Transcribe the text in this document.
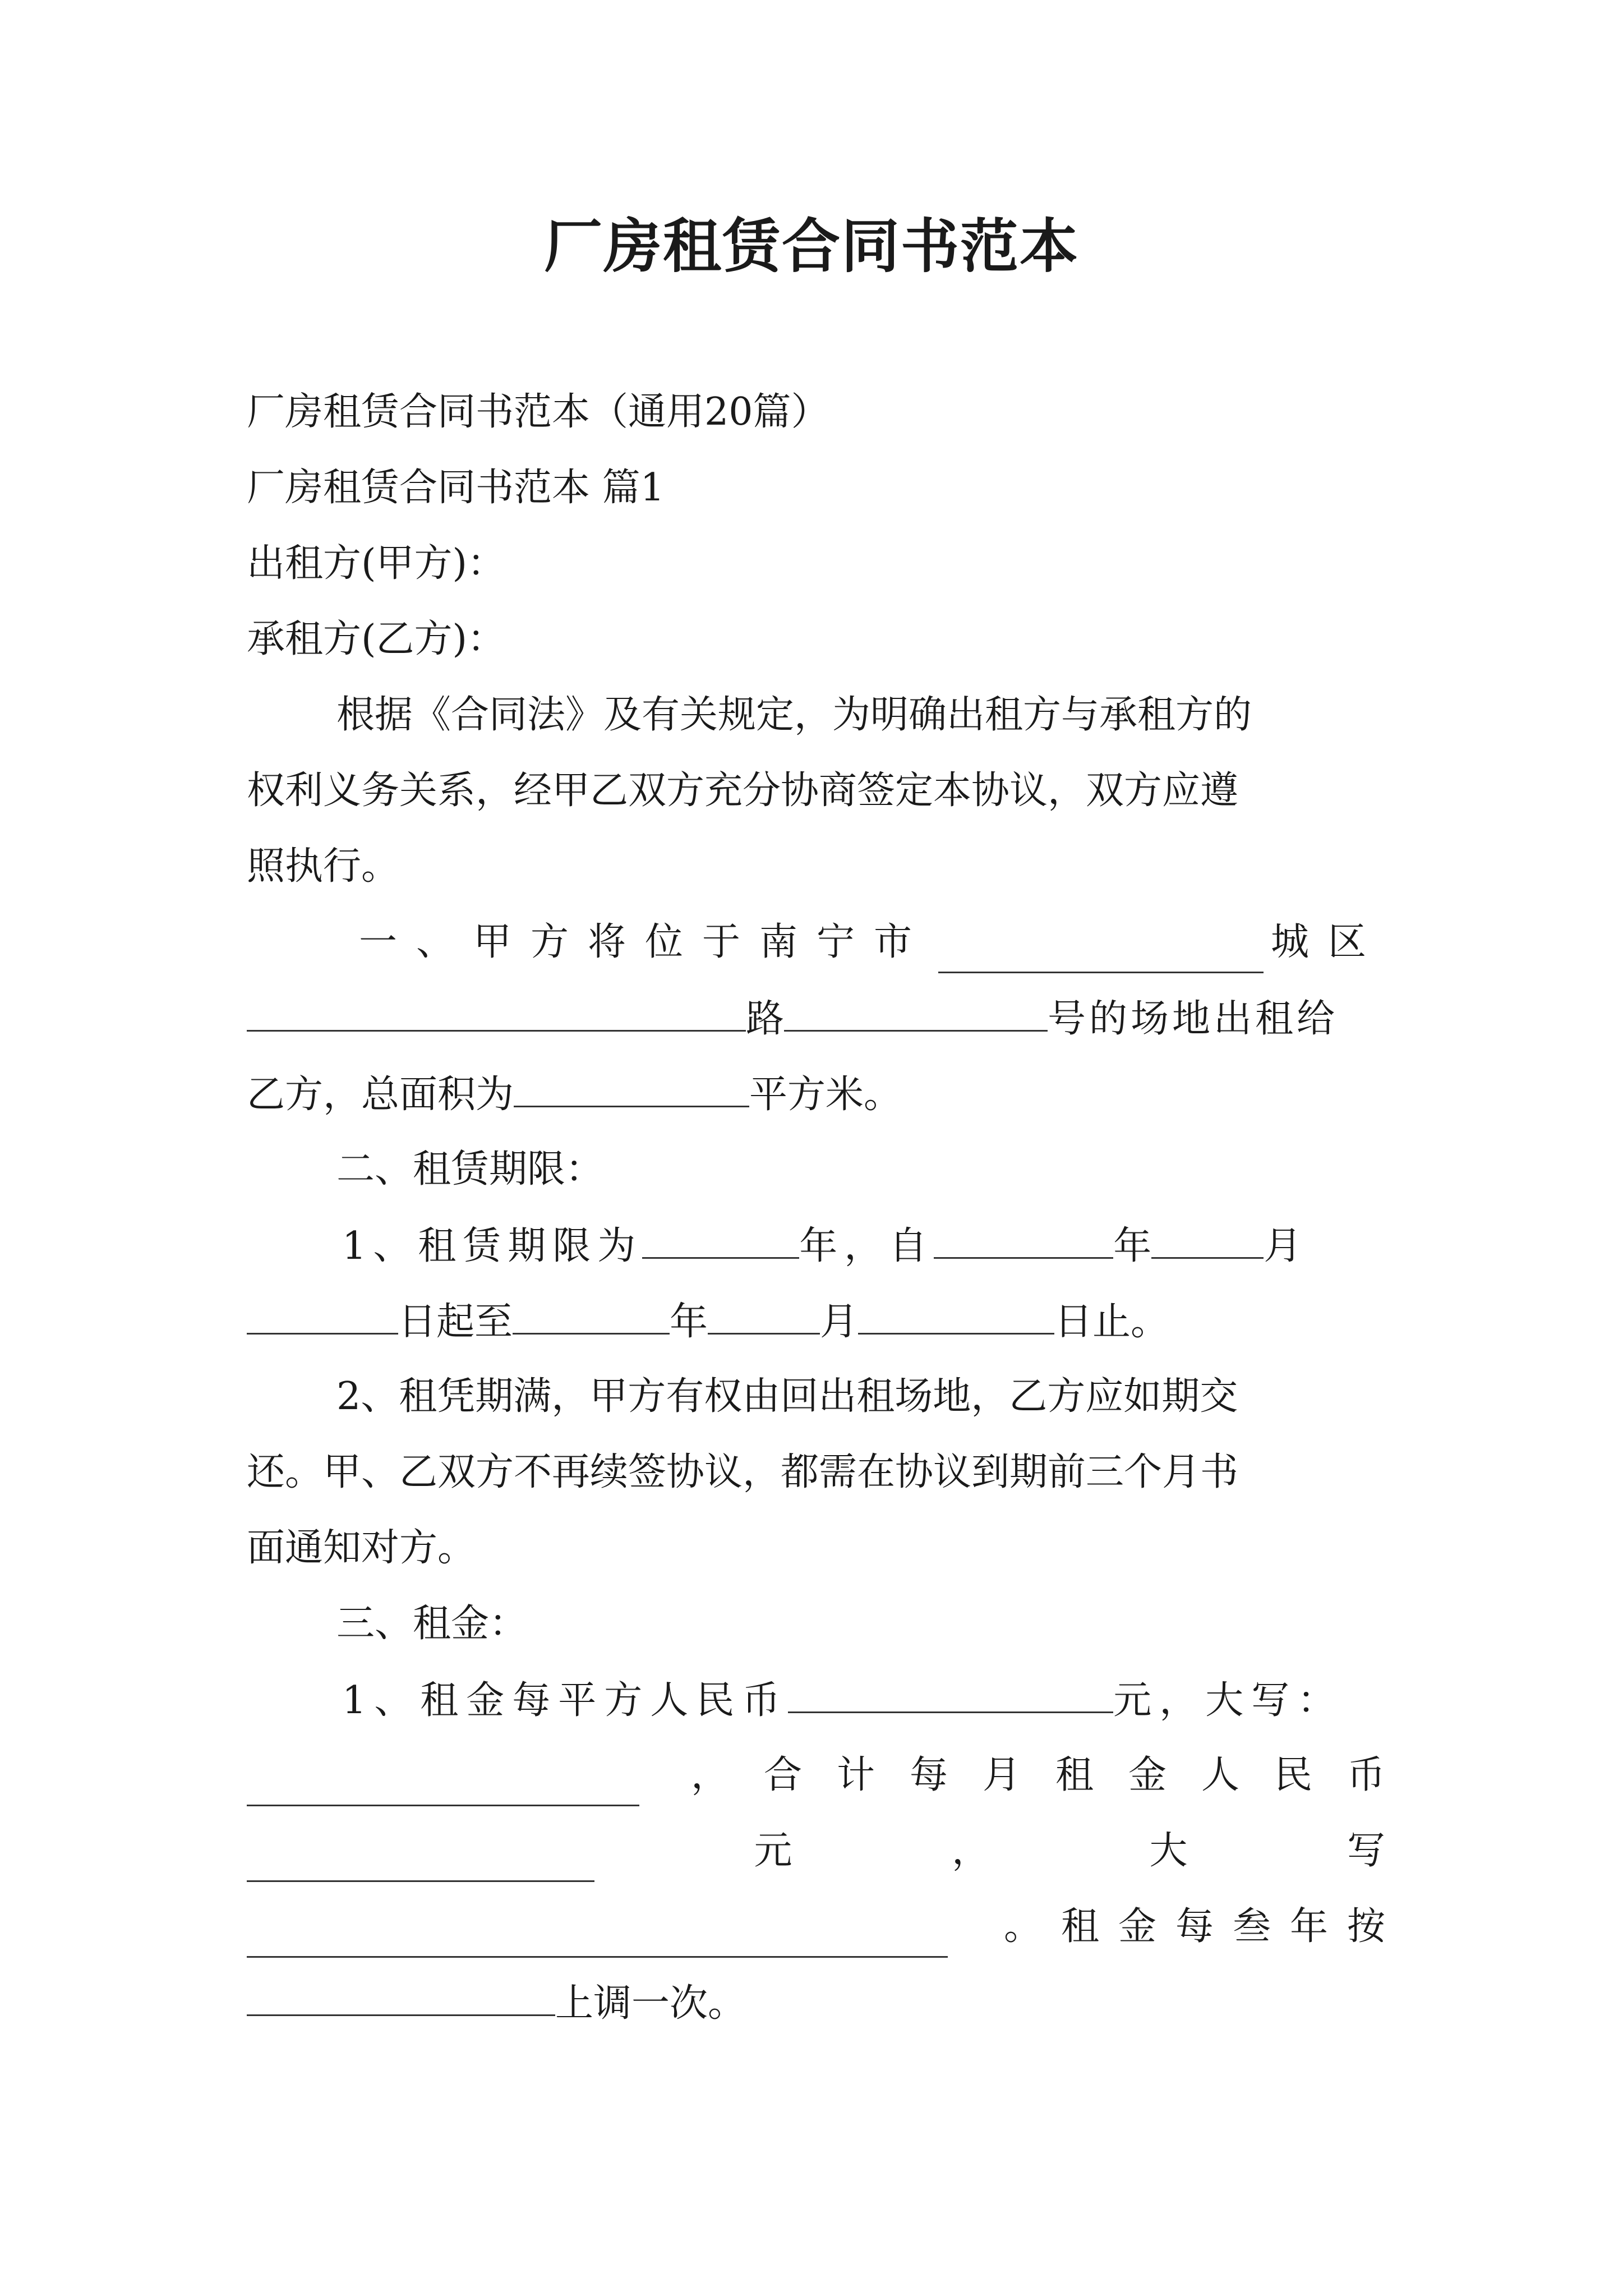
厂房租赁合同书范本
厂房租赁合同书范本（通用20篇）
厂房租赁合同书范本 篇1
出租方(甲方)：
承租方(乙方)：
根据《合同法》及有关规定，为明确出租方与承租方的
权利义务关系，经甲乙双方充分协商签定本协议，双方应遵
照执行。
一、甲方将位于南宁市	城区
路	号的场地出租给
乙方，总面积为	平方米。
二、租赁期限：
1、租赁期限为	年，自	年	月
日起至	年	月	日止。
2、租凭期满，甲方有权由回出租场地，乙方应如期交
还。甲、乙双方不再续签协议，都需在协议到期前三个月书
面通知对方。
三、租金：
1、租金每平方人民币	元，大写：
，合计每月租金人民币
元	，	大	写
。租金每叁年按
上调一次。
